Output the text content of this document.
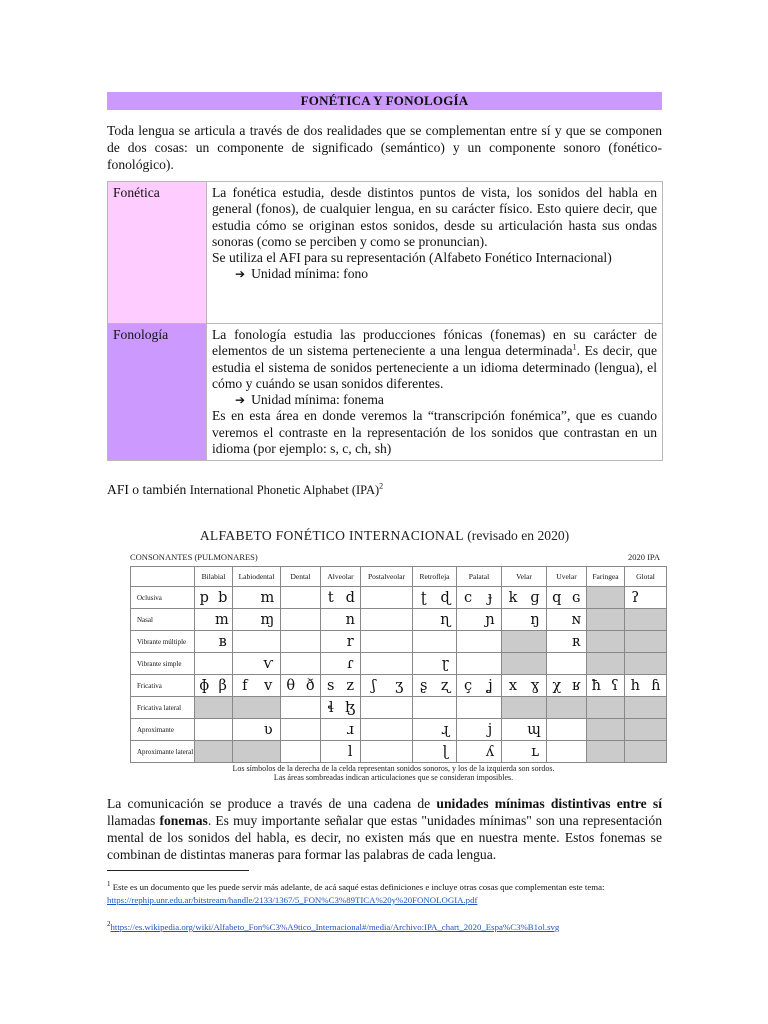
FONÉTICA Y FONOLOGÍA
Toda lengua se articula a través de dos realidades que se complementan entre sí y que se componen de dos cosas: un componente de significado (semántico) y un componente sonoro (fonético-fonológico).
Fonética	La fonética estudia, desde distintos puntos de vista, los sonidos del habla en general (fonos), de cualquier lengua, en su carácter físico. Esto quiere decir, que estudia cómo se originan estos sonidos, desde su articulación hasta sus ondas sonoras (como se perciben y como se pronuncian).
Se utiliza el AFI para su representación (Alfabeto Fonético Internacional)
➔ Unidad mínima: fono

Fonología	La fonología estudia las producciones fónicas (fonemas) en su carácter de elementos de un sistema perteneciente a una lengua determinada$^1$. Es decir, que estudia el sistema de sonidos perteneciente a un idioma determinado (lengua), el cómo y cuándo se usan sonidos diferentes.
➔ Unidad mínima: fonema
Es en esta área en donde veremos la “transcripción fonémica”, que es cuando veremos el contraste en la representación de los sonidos que contrastan en un idioma (por ejemplo: s, c, ch, sh)
AFI o también International Phonetic Alphabet (IPA)$^2$
ALFABETO FONÉTICO INTERNACIONAL (revisado en 2020)
CONSONANTES (PULMONARES)	2020 IPA
	Bilabial	Labiodental	Dental	Alveolar	Postalveolar	Retrofleja	Palatal	Velar	Uvelar	Faringea	Glotal
Oclusiva	p b	m		t d		ʈ ɖ	c ɟ	k ɡ	q ɢ		ʔ

Nasal	m	ɱ		n		ɳ	ɲ	ŋ	ɴ		

Vibrante múltiple	ʙ			r					ʀ		

Vibrante simple		ⱱ		ɾ		ɽ					

Fricativa	ɸ β	f v	θ ð	s z	ʃ ʒ	ʂ ʐ	ç ʝ	x ɣ	χ ʁ	ħ ʕ	h ɦ

Fricativa lateral				ɬ ɮ							

Aproximante		ʋ		ɹ		ɻ	j	ɰ			

Aproximante lateral				l		ɭ	ʎ	ʟ			

Los símbolos de la derecha de la celda representan sonidos sonoros, y los de la izquierda son sordos.
Las áreas sombreadas indican articulaciones que se consideran imposibles.
La comunicación se produce a través de una cadena de unidades mínimas distintivas entre sí llamadas fonemas. Es muy importante señalar que estas "unidades mínimas" son una representación mental de los sonidos del habla, es decir, no existen más que en nuestra mente. Estos fonemas se combinan de distintas maneras para formar las palabras de cada lengua.
$^1$ Este es un documento que les puede servir más adelante, de acá saqué estas definiciones e incluye otras cosas que complementan este tema: https://rephip.unr.edu.ar/bitstream/handle/2133/1367/5_FON%C3%89TICA%20y%20FONOLOGIA.pdf
$^2$https://es.wikipedia.org/wiki/Alfabeto_Fon%C3%A9tico_Internacional#/media/Archivo:IPA_chart_2020_Espa%C3%B1ol.svg
